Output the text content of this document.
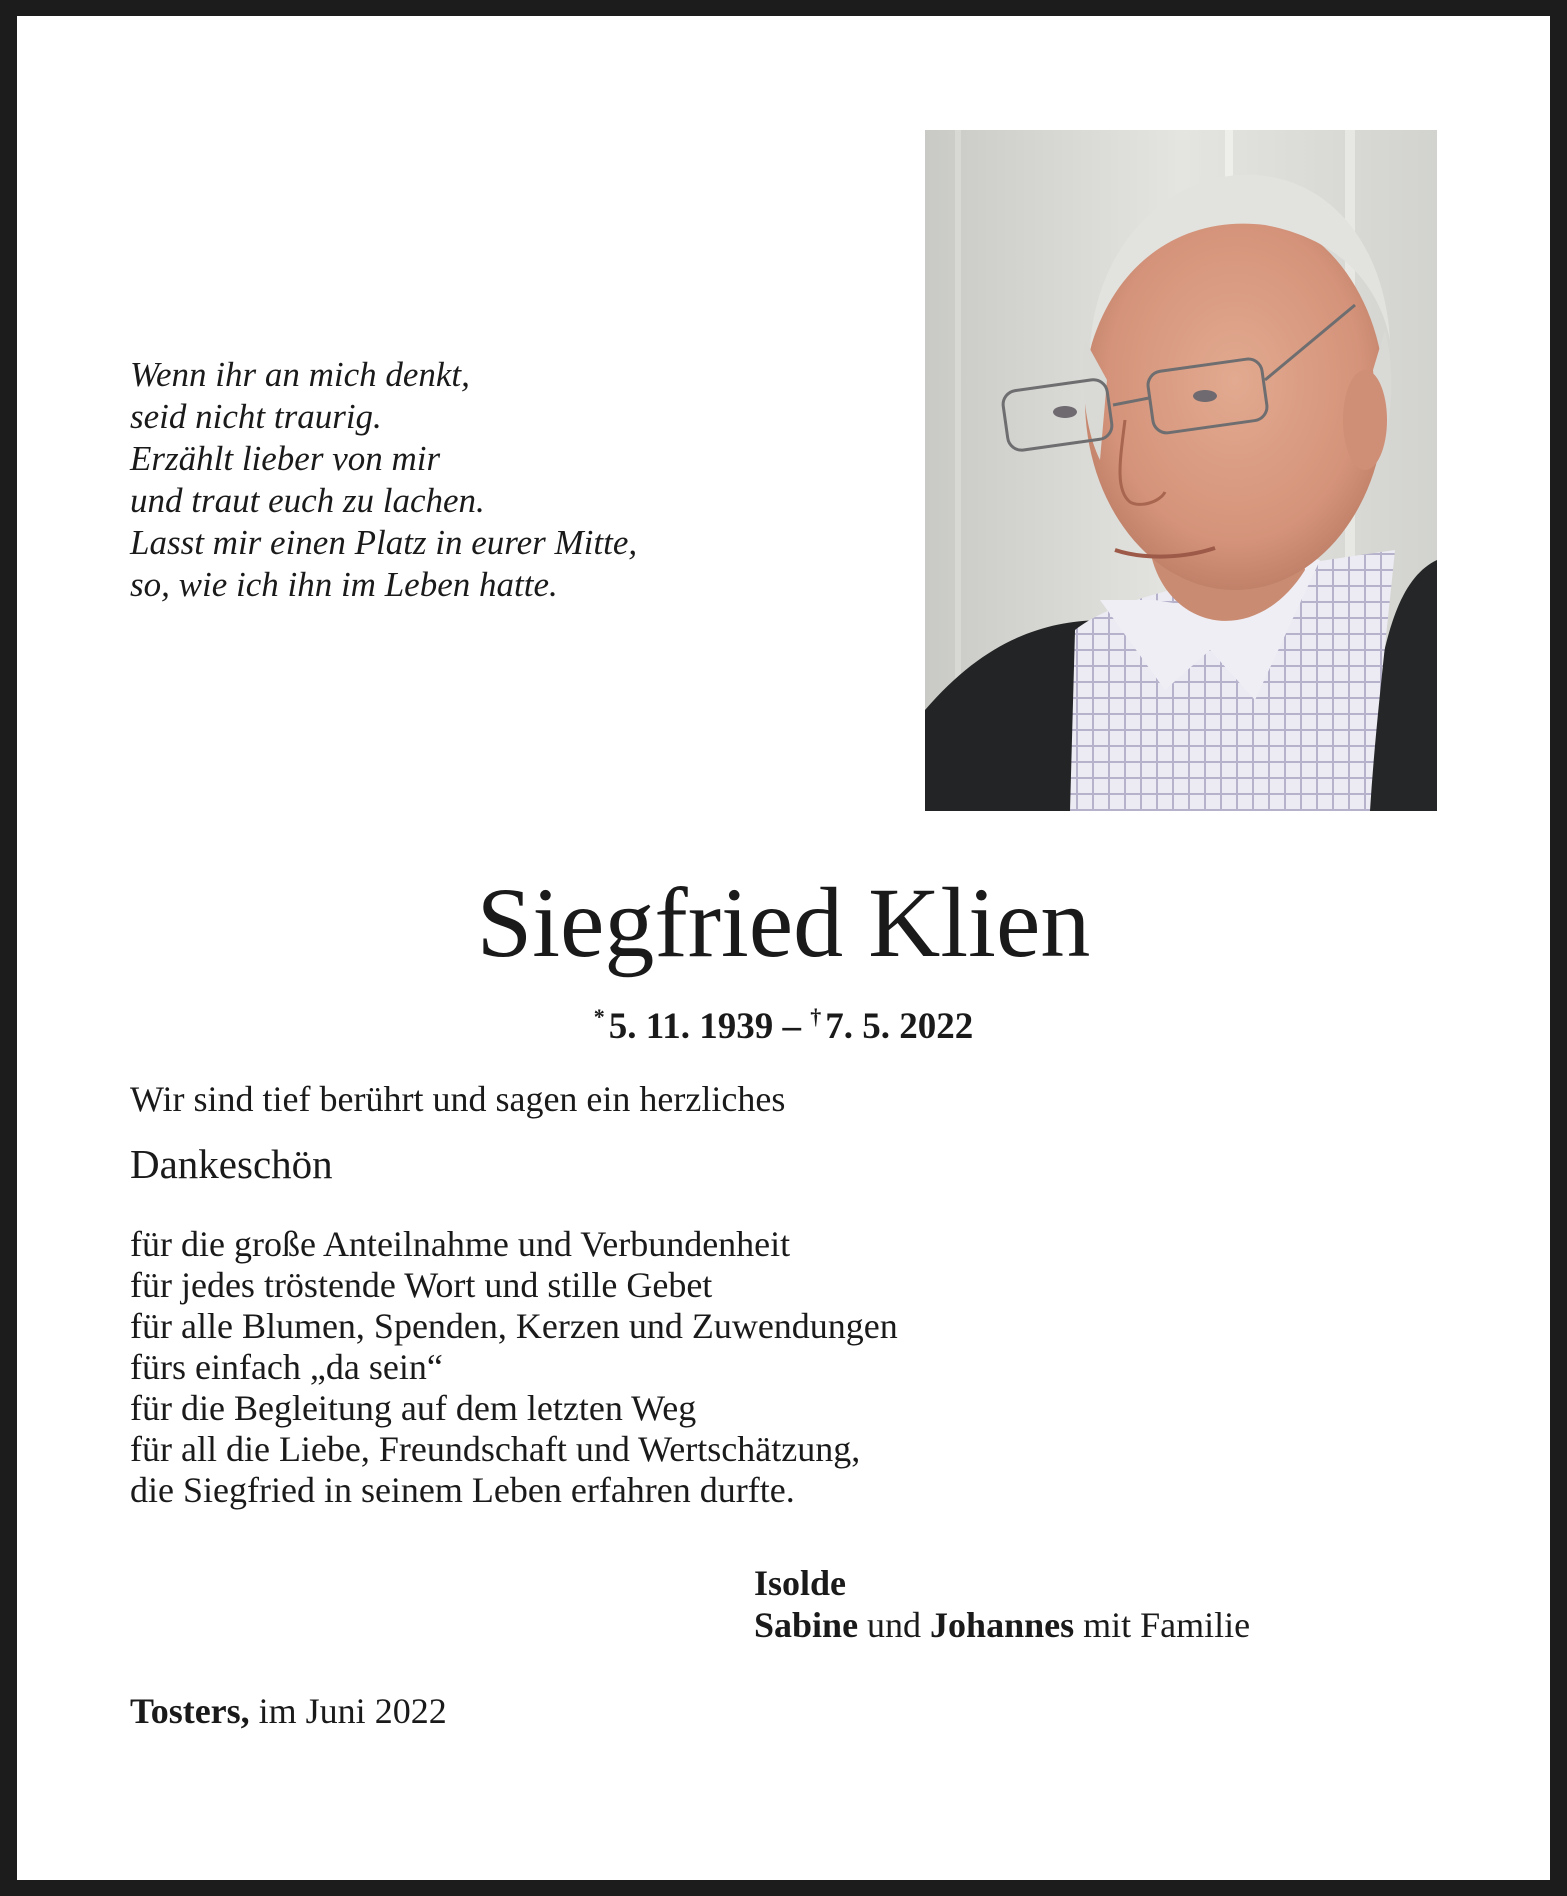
Wenn ihr an mich denkt,
seid nicht traurig.
Erzählt lieber von mir
und traut euch zu lachen.
Lasst mir einen Platz in eurer Mitte,
so, wie ich ihn im Leben hatte.
Siegfried Klien
* 5. 11. 1939 – † 7. 5. 2022
Wir sind tief berührt und sagen ein herzliches
Dankeschön
für die große Anteilnahme und Verbundenheit
für jedes tröstende Wort und stille Gebet
für alle Blumen, Spenden, Kerzen und Zuwendungen
fürs einfach „da sein“
für die Begleitung auf dem letzten Weg
für all die Liebe, Freundschaft und Wertschätzung,
die Siegfried in seinem Leben erfahren durfte.
Isolde
Sabine und Johannes mit Familie
Tosters, im Juni 2022
